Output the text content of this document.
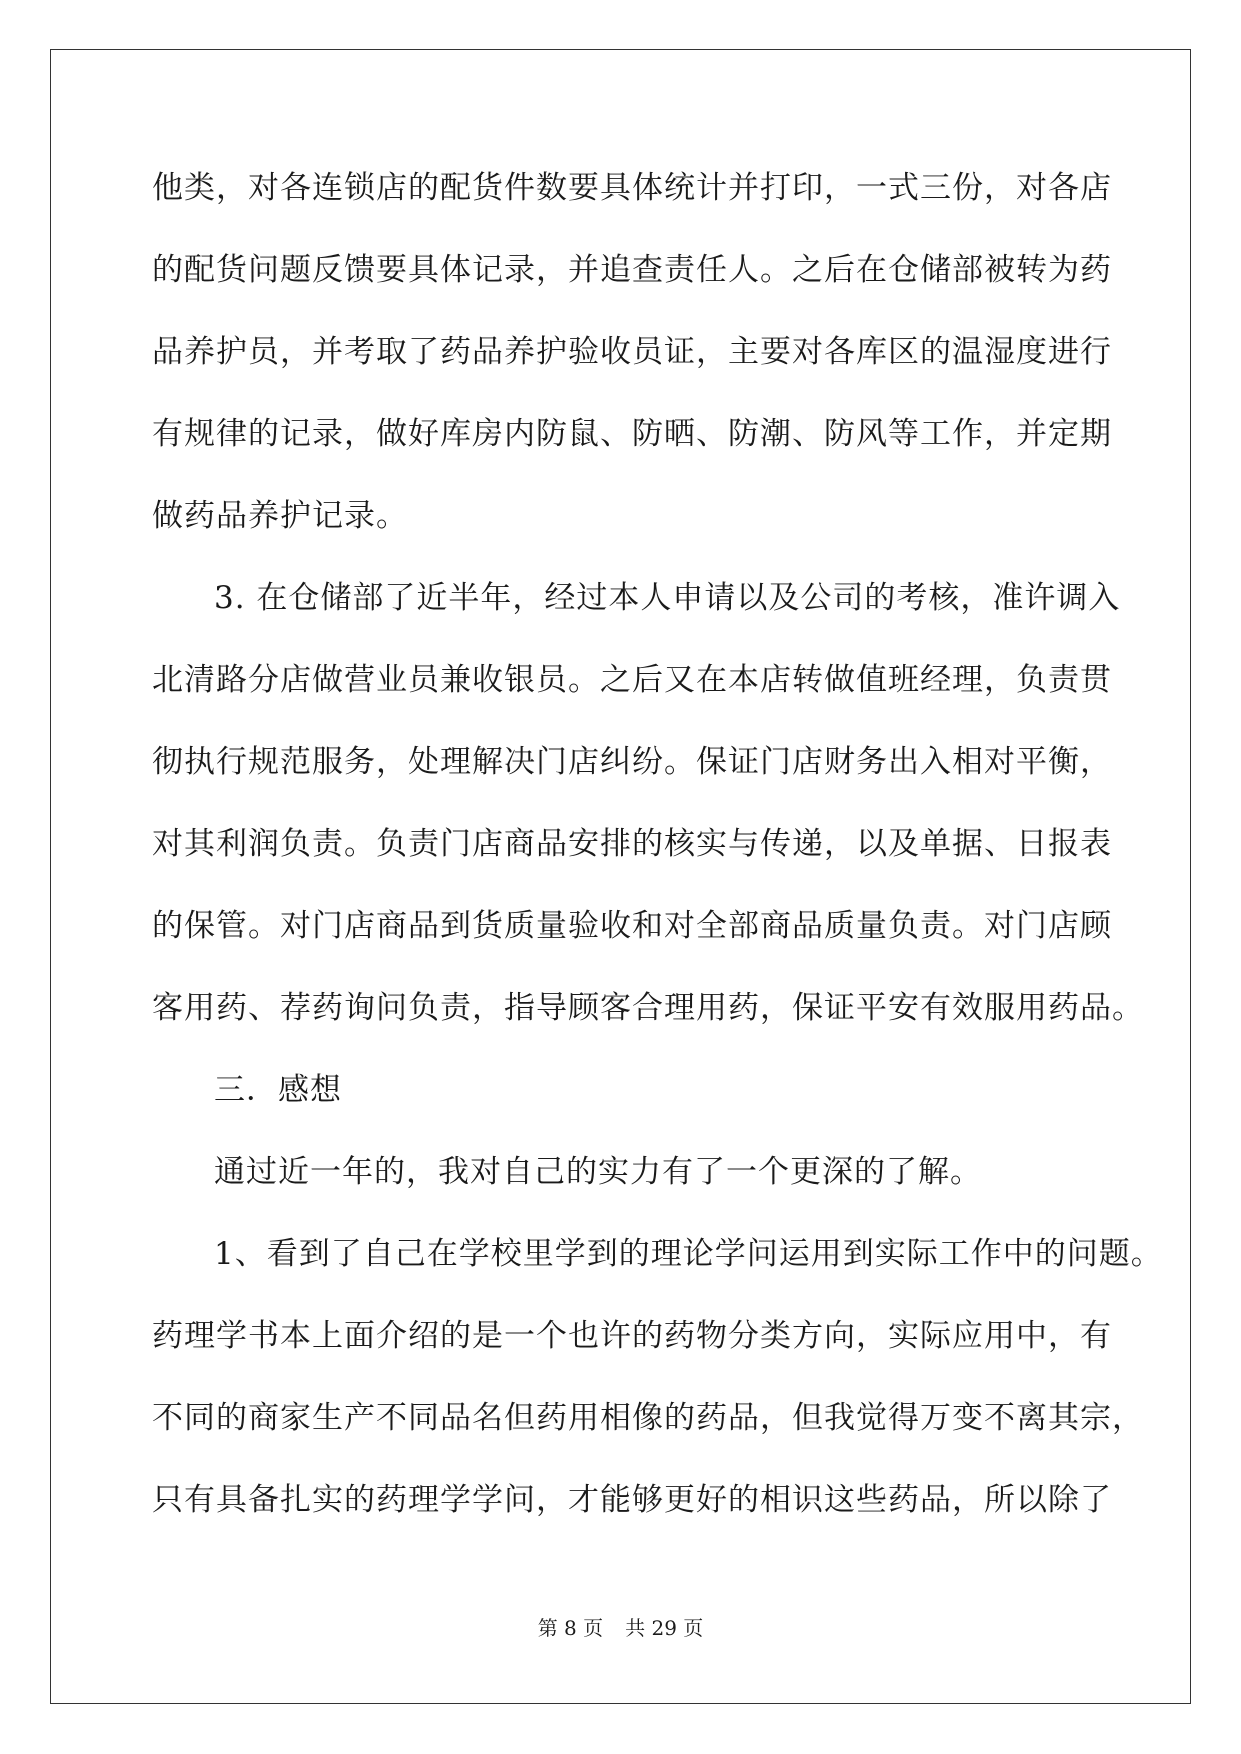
他类，对各连锁店的配货件数要具体统计并打印，一式三份，对各店
的配货问题反馈要具体记录，并追查责任人。之后在仓储部被转为药
品养护员，并考取了药品养护验收员证，主要对各库区的温湿度进行
有规律的记录，做好库房内防鼠、防晒、防潮、防风等工作，并定期
做药品养护记录。
3. 在仓储部了近半年，经过本人申请以及公司的考核，准许调入
北清路分店做营业员兼收银员。之后又在本店转做值班经理，负责贯
彻执行规范服务，处理解决门店纠纷。保证门店财务出入相对平衡，
对其利润负责。负责门店商品安排的核实与传递，以及单据、日报表
的保管。对门店商品到货质量验收和对全部商品质量负责。对门店顾
客用药、荐药询问负责，指导顾客合理用药，保证平安有效服用药品。
三．感想
通过近一年的，我对自己的实力有了一个更深的了解。
1、看到了自己在学校里学到的理论学问运用到实际工作中的问题。
药理学书本上面介绍的是一个也许的药物分类方向，实际应用中，有
不同的商家生产不同品名但药用相像的药品，但我觉得万变不离其宗，
只有具备扎实的药理学学问，才能够更好的相识这些药品，所以除了
第 8 页 共 29 页
